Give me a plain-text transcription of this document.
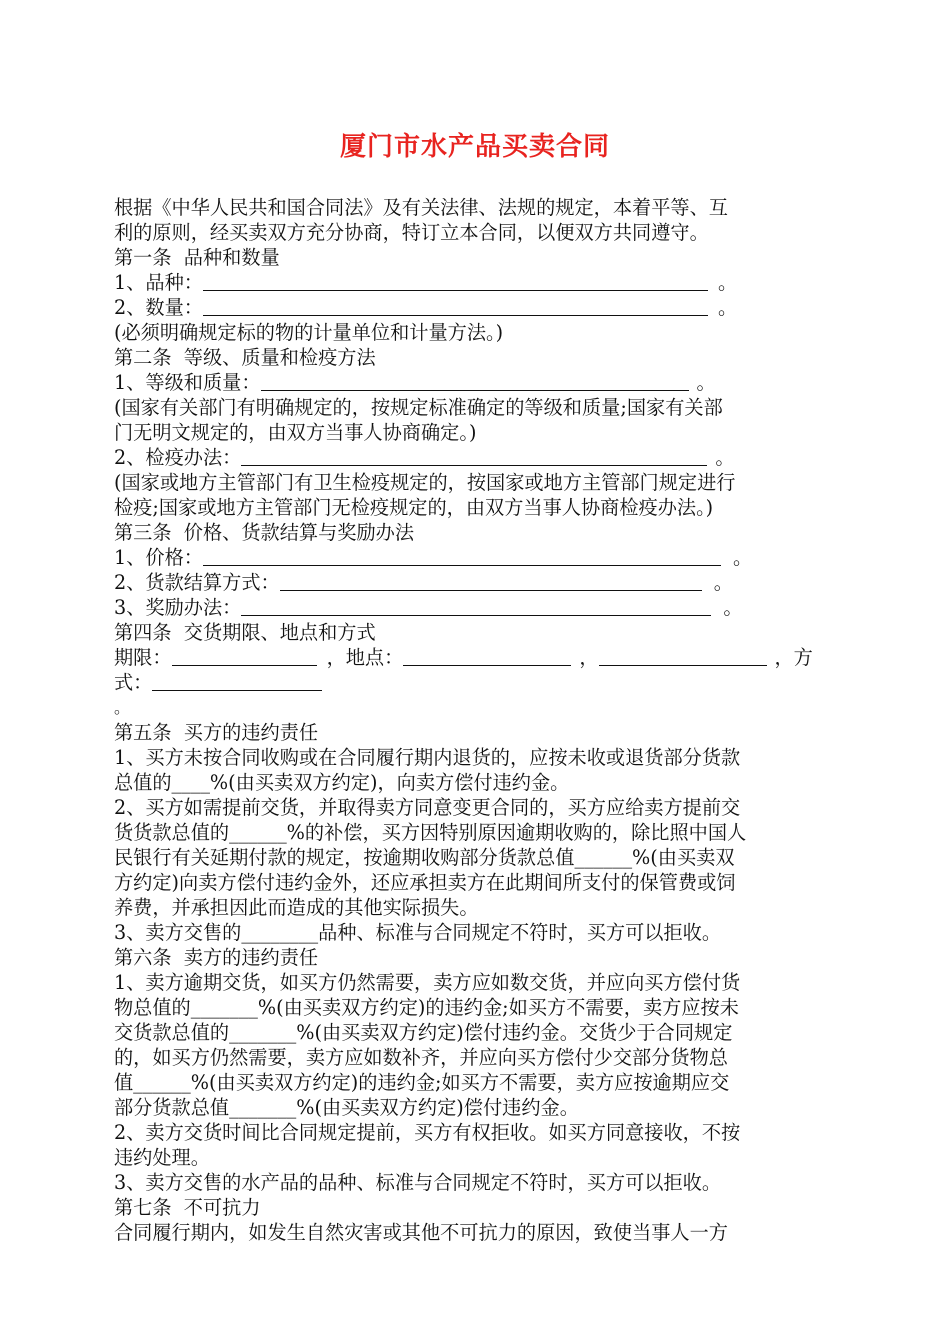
厦门市水产品买卖合同
根据《中华人民共和国合同法》及有关法律、法规的规定，本着平等、互
利的原则，经买卖双方充分协商，特订立本合同，以便双方共同遵守。
第一条  品种和数量
1、品种：	。
2、数量：	。
(必须明确规定标的物的计量单位和计量方法。)
第二条  等级、质量和检疫方法
1、等级和质量：	。
(国家有关部门有明确规定的，按规定标准确定的等级和质量;国家有关部
门无明文规定的，由双方当事人协商确定。)
2、检疫办法：	。
(国家或地方主管部门有卫生检疫规定的，按国家或地方主管部门规定进行
检疫;国家或地方主管部门无检疫规定的，由双方当事人协商检疫办法。)
第三条  价格、货款结算与奖励办法
1、价格：	。
2、货款结算方式：	。
3、奖励办法：	。
第四条  交货期限、地点和方式
期限：	，地点：	，	，方
式：
。
第五条  买方的违约责任
1、买方未按合同收购或在合同履行期内退货的，应按未收或退货部分货款
总值的____%(由买卖双方约定)，向卖方偿付违约金。
2、买方如需提前交货，并取得卖方同意变更合同的，买方应给卖方提前交
货货款总值的______%的补偿，买方因特别原因逾期收购的，除比照中国人
民银行有关延期付款的规定，按逾期收购部分货款总值______%(由买卖双
方约定)向卖方偿付违约金外，还应承担卖方在此期间所支付的保管费或饲
养费，并承担因此而造成的其他实际损失。
3、卖方交售的________品种、标准与合同规定不符时，买方可以拒收。
第六条  卖方的违约责任
1、卖方逾期交货，如买方仍然需要，卖方应如数交货，并应向买方偿付货
物总值的_______%(由买卖双方约定)的违约金;如买方不需要，卖方应按未
交货款总值的_______%(由买卖双方约定)偿付违约金。交货少于合同规定
的，如买方仍然需要，卖方应如数补齐，并应向买方偿付少交部分货物总
值______%(由买卖双方约定)的违约金;如买方不需要，卖方应按逾期应交
部分货款总值_______%(由买卖双方约定)偿付违约金。
2、卖方交货时间比合同规定提前，买方有权拒收。如买方同意接收，不按
违约处理。
3、卖方交售的水产品的品种、标准与合同规定不符时，买方可以拒收。
第七条  不可抗力
合同履行期内，如发生自然灾害或其他不可抗力的原因，致使当事人一方
